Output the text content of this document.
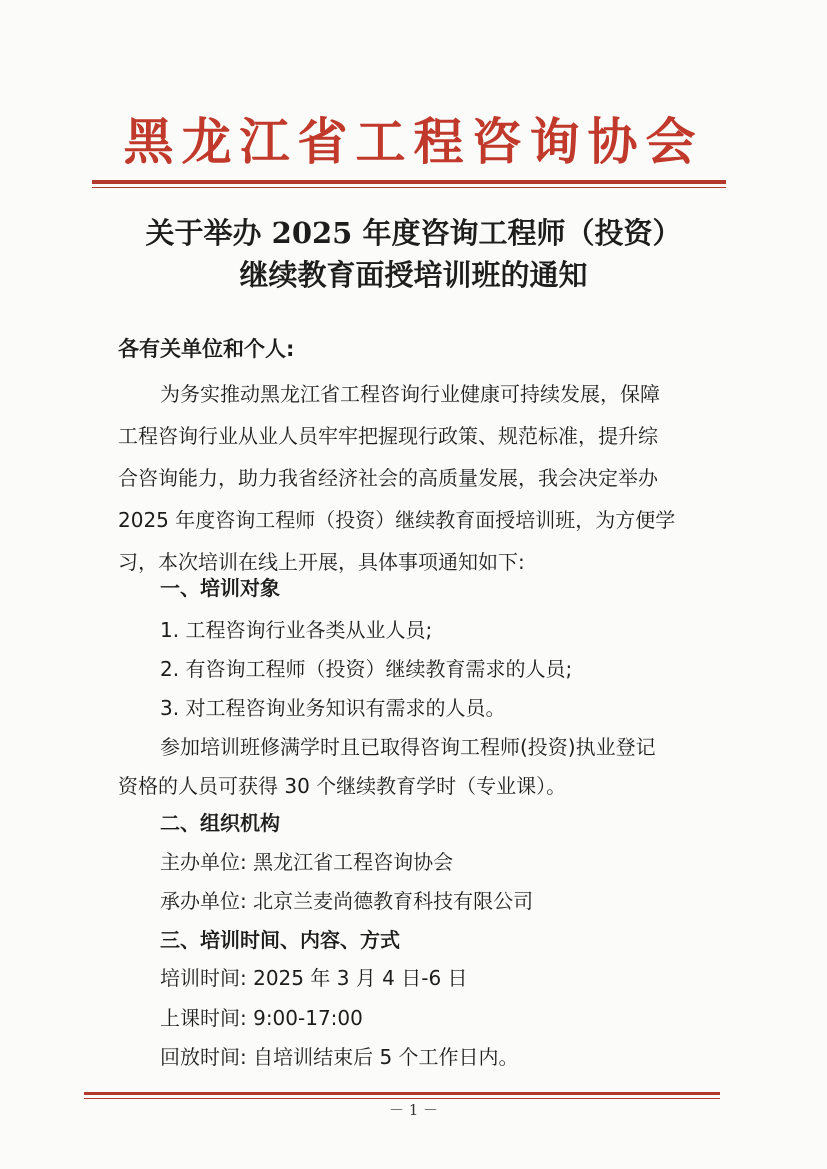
黑龙江省工程咨询协会
关于举办 2025 年度咨询工程师（投资）
继续教育面授培训班的通知
各有关单位和个人:
为务实推动黑龙江省工程咨询行业健康可持续发展，保障
工程咨询行业从业人员牢牢把握现行政策、规范标准，提升综
合咨询能力，助力我省经济社会的高质量发展，我会决定举办
2025 年度咨询工程师（投资）继续教育面授培训班，为方便学
习，本次培训在线上开展，具体事项通知如下:
一、培训对象
1. 工程咨询行业各类从业人员;
2. 有咨询工程师（投资）继续教育需求的人员;
3. 对工程咨询业务知识有需求的人员。
参加培训班修满学时且已取得咨询工程师(投资)执业登记
资格的人员可获得 30 个继续教育学时（专业课）。
二、组织机构
主办单位: 黑龙江省工程咨询协会
承办单位: 北京兰麦尚德教育科技有限公司
三、培训时间、内容、方式
培训时间: 2025 年 3 月 4 日-6 日
上课时间: 9:00-17:00
回放时间: 自培训结束后 5 个工作日内。
－ 1 －
